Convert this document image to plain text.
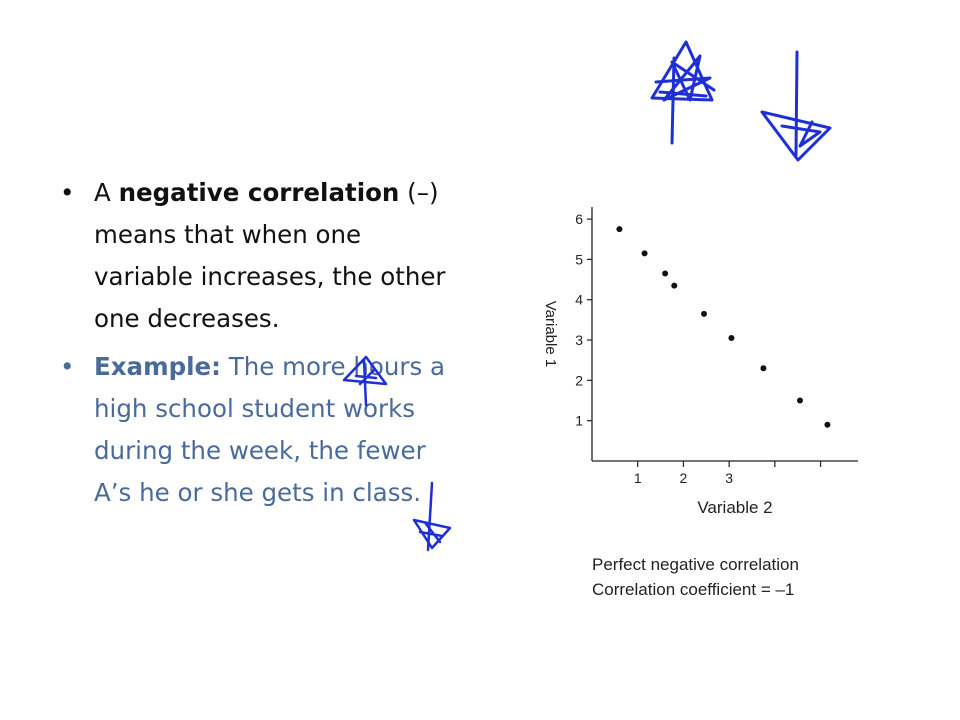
• A negative correlation (–) means that when one variable increases, the other one decreases.
• Example: The more hours a high school student works during the week, the fewer A’s he or she gets in class.
1
2
3
4
5
6
1	2	3
Variable 1
Variable 2
Perfect negative correlation
Correlation coefficient = –1
